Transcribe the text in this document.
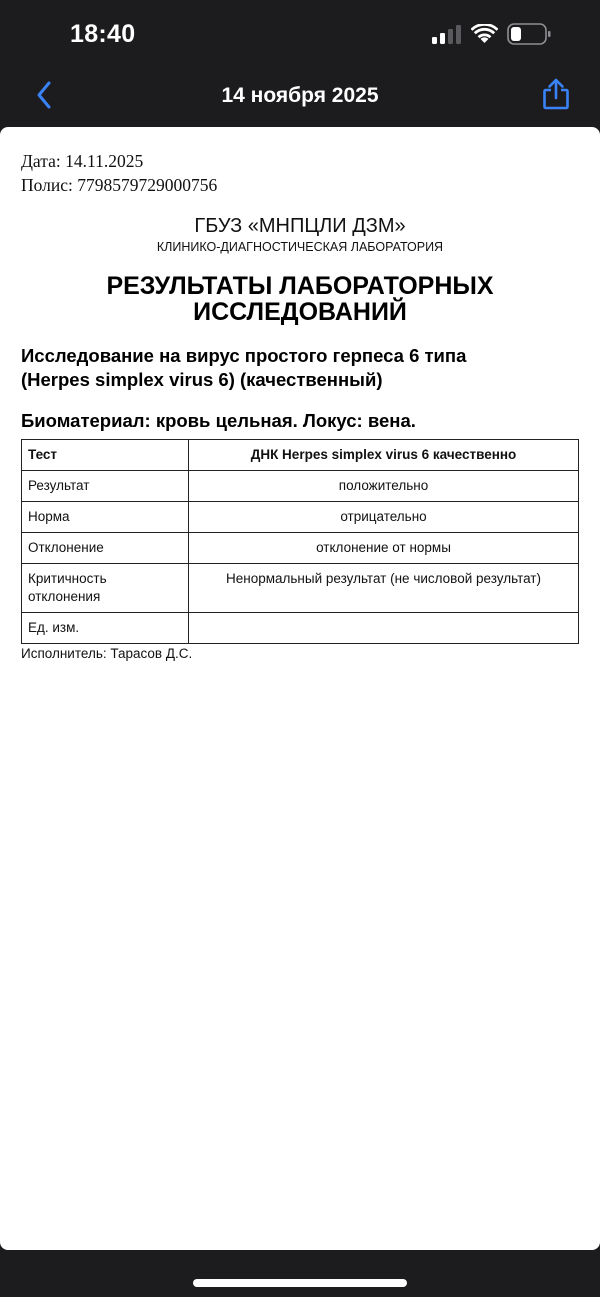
18:40
14 ноября 2025
Дата: 14.11.2025
Полис: 7798579729000756
ГБУЗ «МНПЦЛИ ДЗМ»
КЛИНИКО-ДИАГНОСТИЧЕСКАЯ ЛАБОРАТОРИЯ
РЕЗУЛЬТАТЫ ЛАБОРАТОРНЫХ
ИССЛЕДОВАНИЙ
Исследование на вирус простого герпеса 6 типа
(Herpes simplex virus 6) (качественный)
Биоматериал: кровь цельная. Локус: вена.
Тест	ДНК Herpes simplex virus 6 качественно
Результат	положительно
Норма	отрицательно
Отклонение	отклонение от нормы

Критичность
отклонения	Ненормальный результат (не числовой результат)
Ед. изм.	
Исполнитель: Тарасов Д.С.
